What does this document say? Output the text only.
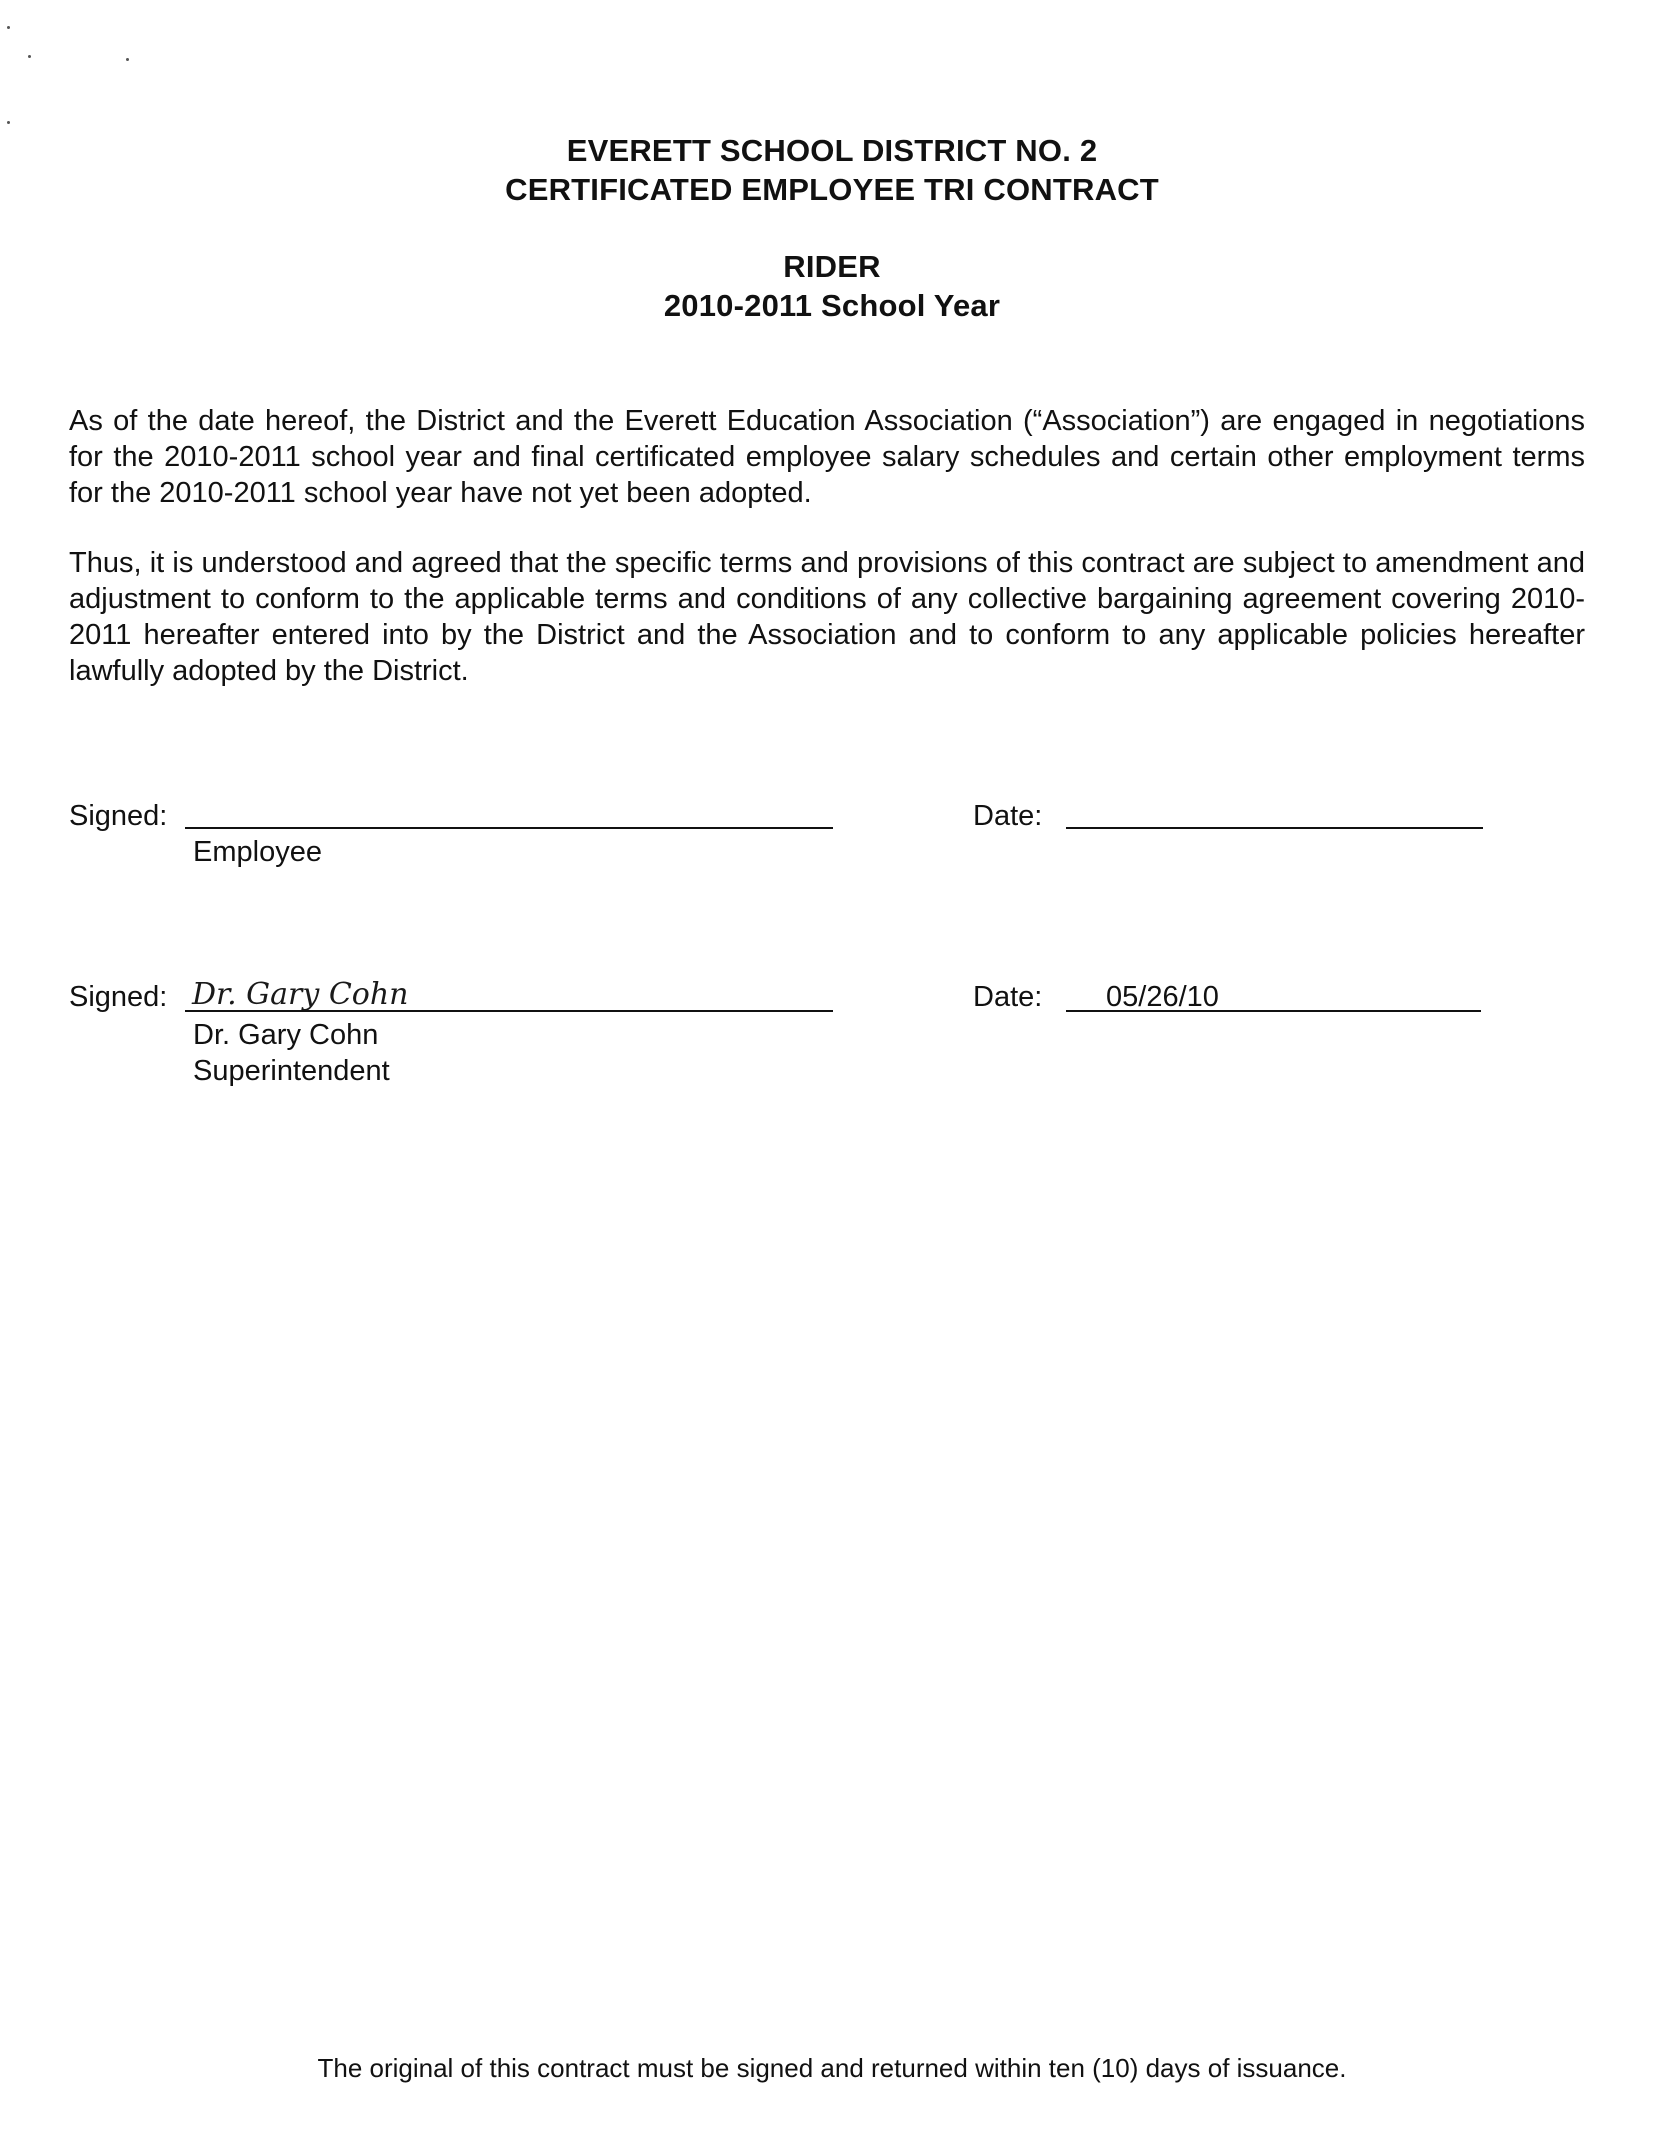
EVERETT SCHOOL DISTRICT NO. 2
CERTIFICATED EMPLOYEE TRI CONTRACT
RIDER
2010-2011 School Year
As of the date hereof, the District and the Everett Education Association (“Association”) are engaged in negotiations for the 2010-2011 school year and final certificated employee salary schedules and certain other employment terms for the 2010-2011 school year have not yet been adopted.
Thus, it is understood and agreed that the specific terms and provisions of this contract are subject to amendment and adjustment to conform to the applicable terms and conditions of any collective bargaining agreement covering 2010-2011 hereafter entered into by the District and the Association and to conform to any applicable policies hereafter lawfully adopted by the District.
Signed:
Employee
Date:
Signed: Dr. Gary Cohn
Dr. Gary Cohn
Superintendent
Date: 05/26/10
The original of this contract must be signed and returned within ten (10) days of issuance.
